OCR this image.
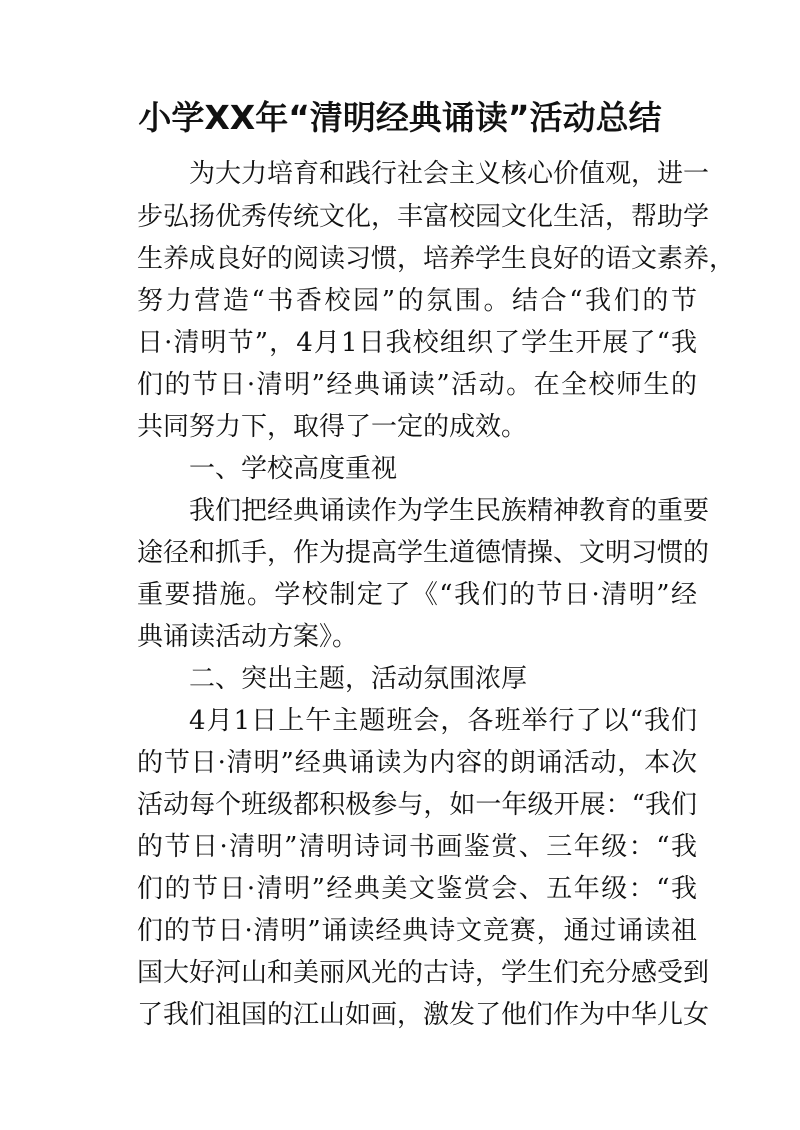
小学XX年“清明经典诵读”活动总结

为大力培育和践行社会主义核心价值观，进一

步弘扬优秀传统文化，丰富校园文化生活，帮助学

生养成良好的阅读习惯，培养学生良好的语文素养，

努力营造“书香校园”的氛围。结合“我们的节

日·清明节”，4月1日我校组织了学生开展了“我

们的节日·清明”经典诵读”活动。在全校师生的

共同努力下，取得了一定的成效。

一、学校高度重视

我们把经典诵读作为学生民族精神教育的重要

途径和抓手，作为提高学生道德情操、文明习惯的

重要措施。学校制定了《“我们的节日·清明”经

典诵读活动方案》。

二、突出主题，活动氛围浓厚

4月1日上午主题班会，各班举行了以“我们

的节日·清明”经典诵读为内容的朗诵活动，本次

活动每个班级都积极参与，如一年级开展：“我们

的节日·清明”清明诗词书画鉴赏、三年级：“我

们的节日·清明”经典美文鉴赏会、五年级：“我

们的节日·清明”诵读经典诗文竞赛，通过诵读祖

国大好河山和美丽风光的古诗，学生们充分感受到

了我们祖国的江山如画，激发了他们作为中华儿女
